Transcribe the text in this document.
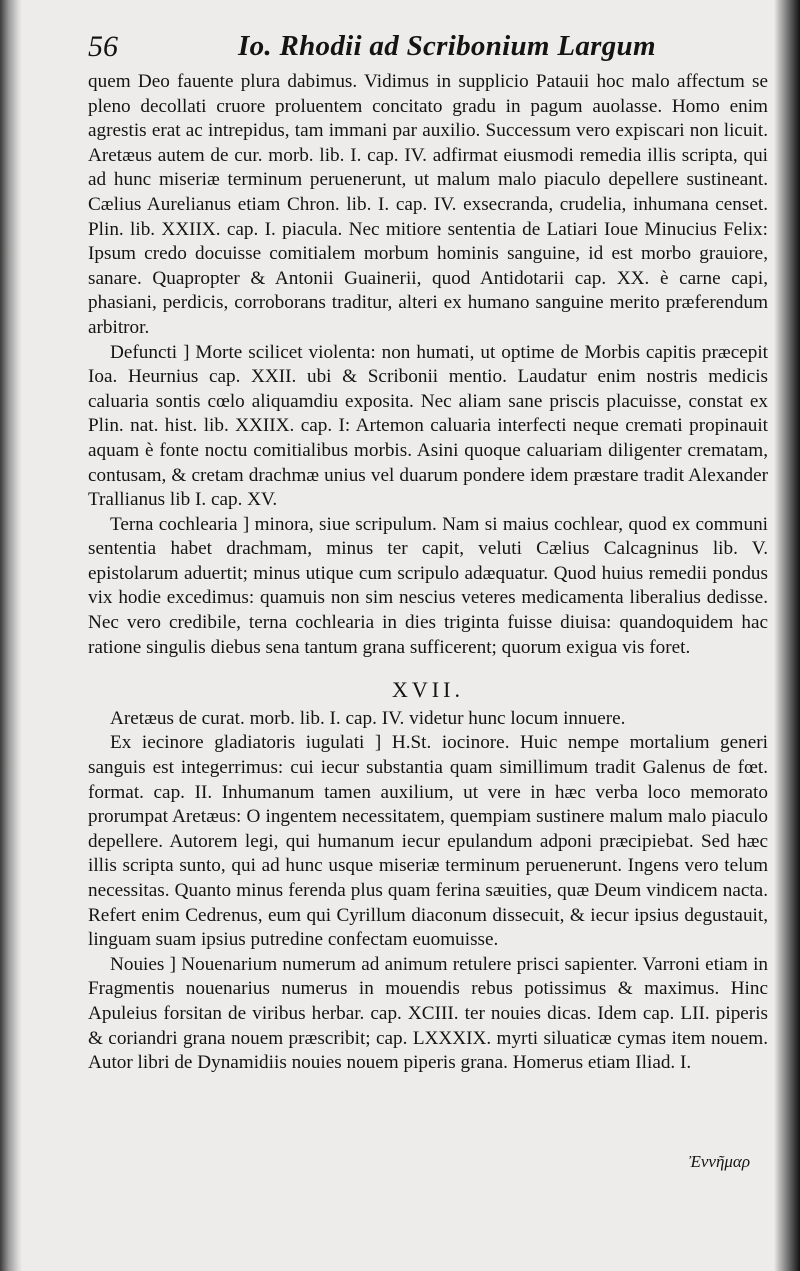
56	Io. Rhodii ad Scribonium Largum

quem Deo fauente plura dabimus. Vidimus in supplicio Patauii hoc malo affectum se pleno decollati cruore proluentem concitato gradu in pagum auolasse. Homo enim agrestis erat ac intrepidus, tam immani par auxilio. Successum vero expiscari non licuit. Aretæus autem de cur. morb. lib. I. cap. IV. adfirmat eiusmodi remedia illis scripta, qui ad hunc miseriæ terminum peruenerunt, ut malum malo piaculo depellere sustineant. Cælius Aurelianus etiam Chron. lib. I. cap. IV. exsecranda, crudelia, inhumana censet. Plin. lib. XXIIX. cap. I. piacula. Nec mitiore sententia de Latiari Ioue Minucius Felix: Ipsum credo docuisse comitialem morbum hominis sanguine, id est morbo grauiore, sanare. Quapropter & Antonii Guainerii, quod Antidotarii cap. XX. è carne capi, phasiani, perdicis, corroborans traditur, alteri ex humano sanguine merito præferendum arbitror.

Defuncti ] Morte scilicet violenta: non humati, ut optime de Morbis capitis præcepit Ioa. Heurnius cap. XXII. ubi & Scribonii mentio. Laudatur enim nostris medicis caluaria sontis cœlo aliquamdiu exposita. Nec aliam sane priscis placuisse, constat ex Plin. nat. hist. lib. XXIIX. cap. I: Artemon caluaria interfecti neque cremati propinauit aquam è fonte noctu comitialibus morbis. Asini quoque caluariam diligenter crematam, contusam, & cretam drachmæ unius vel duarum pondere idem præstare tradit Alexander Trallianus lib I. cap. XV.

Terna cochlearia ] minora, siue scripulum. Nam si maius cochlear, quod ex communi sententia habet drachmam, minus ter capit, veluti Cælius Calcagninus lib. V. epistolarum aduertit; minus utique cum scripulo adæquatur. Quod huius remedii pondus vix hodie excedimus: quamuis non sim nescius veteres medicamenta liberalius dedisse. Nec vero credibile, terna cochlearia in dies triginta fuisse diuisa: quandoquidem hac ratione singulis diebus sena tantum grana sufficerent; quorum exigua vis foret.

XVII.

Aretæus de curat. morb. lib. I. cap. IV. videtur hunc locum innuere.

Ex iecinore gladiatoris iugulati ] H.St. iocinore. Huic nempe mortalium generi sanguis est integerrimus: cui iecur substantia quam simillimum tradit Galenus de fœt. format. cap. II. Inhumanum tamen auxilium, ut vere in hæc verba loco memorato prorumpat Aretæus: O ingentem necessitatem, quempiam sustinere malum malo piaculo depellere. Autorem legi, qui humanum iecur epulandum adponi præcipiebat. Sed hæc illis scripta sunto, qui ad hunc usque miseriæ terminum peruenerunt. Ingens vero telum necessitas. Quanto minus ferenda plus quam ferina sæuities, quæ Deum vindicem nacta. Refert enim Cedrenus, eum qui Cyrillum diaconum dissecuit, & iecur ipsius degustauit, linguam suam ipsius putredine confectam euomuisse.

Nouies ] Nouenarium numerum ad animum retulere prisci sapienter. Varroni etiam in Fragmentis nouenarius numerus in mouendis rebus potissimus & maximus. Hinc Apuleius forsitan de viribus herbar. cap. XCIII. ter nouies dicas. Idem cap. LII. piperis & coriandri grana nouem præscribit; cap. LXXXIX. myrti siluaticæ cymas item nouem. Autor libri de Dynamidiis nouies nouem piperis grana. Homerus etiam Iliad. I.

Ἐννῆμαρ
